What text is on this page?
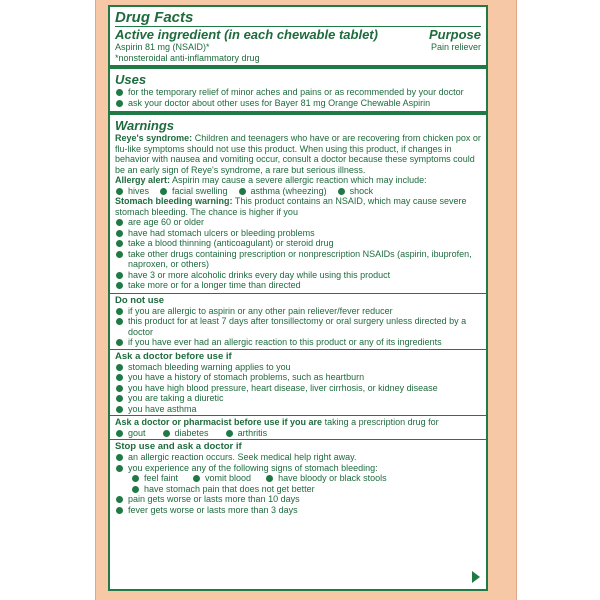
Drug Facts
Active ingredient (in each chewable tablet)	Purpose
Aspirin 81 mg (NSAID)*	Pain reliever
*nonsteroidal anti-inflammatory drug
Uses
for the temporary relief of minor aches and pains or as recommended by your doctor
ask your doctor about other uses for Bayer 81 mg Orange Chewable Aspirin
Warnings
Reye's syndrome: Children and teenagers who have or are recovering from chicken pox or flu-like symptoms should not use this product. When using this product, if changes in behavior with nausea and vomiting occur, consult a doctor because these symptoms could be an early sign of Reye's syndrome, a rare but serious illness.
Allergy alert: Aspirin may cause a severe allergic reaction which may include:
hives	facial swelling	asthma (wheezing)	shock
Stomach bleeding warning: This product contains an NSAID, which may cause severe stomach bleeding. The chance is higher if you
are age 60 or older
have had stomach ulcers or bleeding problems
take a blood thinning (anticoagulant) or steroid drug
take other drugs containing prescription or nonprescription NSAIDs (aspirin, ibuprofen, naproxen, or others)
have 3 or more alcoholic drinks every day while using this product
take more or for a longer time than directed
Do not use
if you are allergic to aspirin or any other pain reliever/fever reducer
this product for at least 7 days after tonsillectomy or oral surgery unless directed by a doctor
if you have ever had an allergic reaction to this product or any of its ingredients
Ask a doctor before use if
stomach bleeding warning applies to you
you have a history of stomach problems, such as heartburn
you have high blood pressure, heart disease, liver cirrhosis, or kidney disease
you are taking a diuretic
you have asthma
Ask a doctor or pharmacist before use if you are taking a prescription drug for
gout	diabetes	arthritis
Stop use and ask a doctor if
an allergic reaction occurs. Seek medical help right away.
you experience any of the following signs of stomach bleeding:
feel faint	vomit blood	have bloody or black stools
have stomach pain that does not get better
pain gets worse or lasts more than 10 days
fever gets worse or lasts more than 3 days
